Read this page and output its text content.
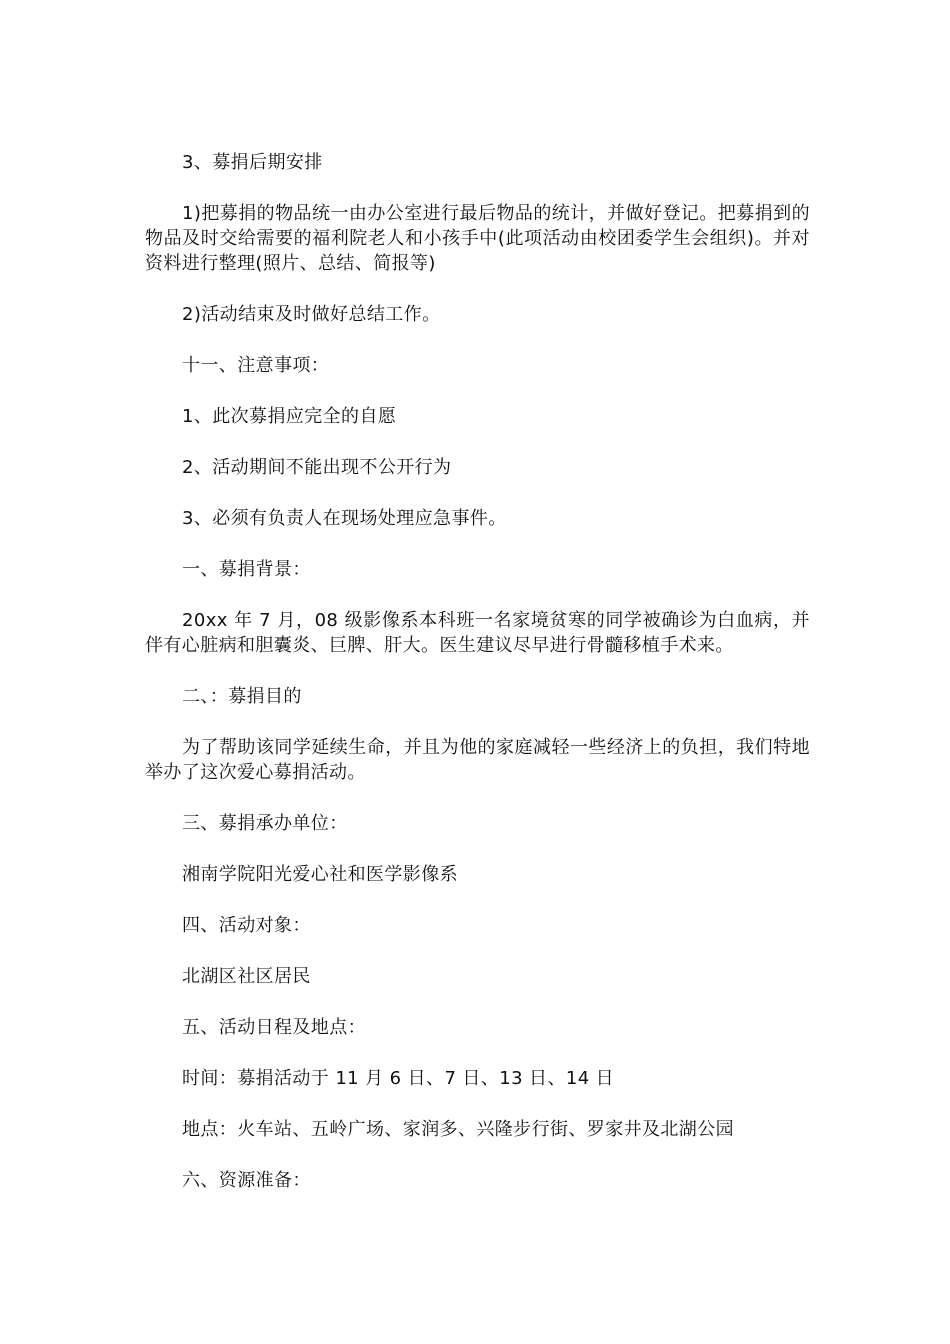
3、募捐后期安排

1)把募捐的物品统一由办公室进行最后物品的统计，并做好登记。把募捐到的物品及时交给需要的福利院老人和小孩手中(此项活动由校团委学生会组织)。并对资料进行整理(照片、总结、简报等)

2)活动结束及时做好总结工作。

十一、注意事项：

1、此次募捐应完全的自愿

2、活动期间不能出现不公开行为

3、必须有负责人在现场处理应急事件。

一、募捐背景：

20xx 年 7 月，08 级影像系本科班一名家境贫寒的同学被确诊为白血病，并伴有心脏病和胆囊炎、巨脾、肝大。医生建议尽早进行骨髓移植手术来。

二、：募捐目的

为了帮助该同学延续生命，并且为他的家庭减轻一些经济上的负担，我们特地举办了这次爱心募捐活动。

三、募捐承办单位：

湘南学院阳光爱心社和医学影像系

四、活动对象：

北湖区社区居民

五、活动日程及地点：

时间：募捐活动于 11 月 6 日、7 日、13 日、14 日

地点：火车站、五岭广场、家润多、兴隆步行街、罗家井及北湖公园

六、资源准备：
